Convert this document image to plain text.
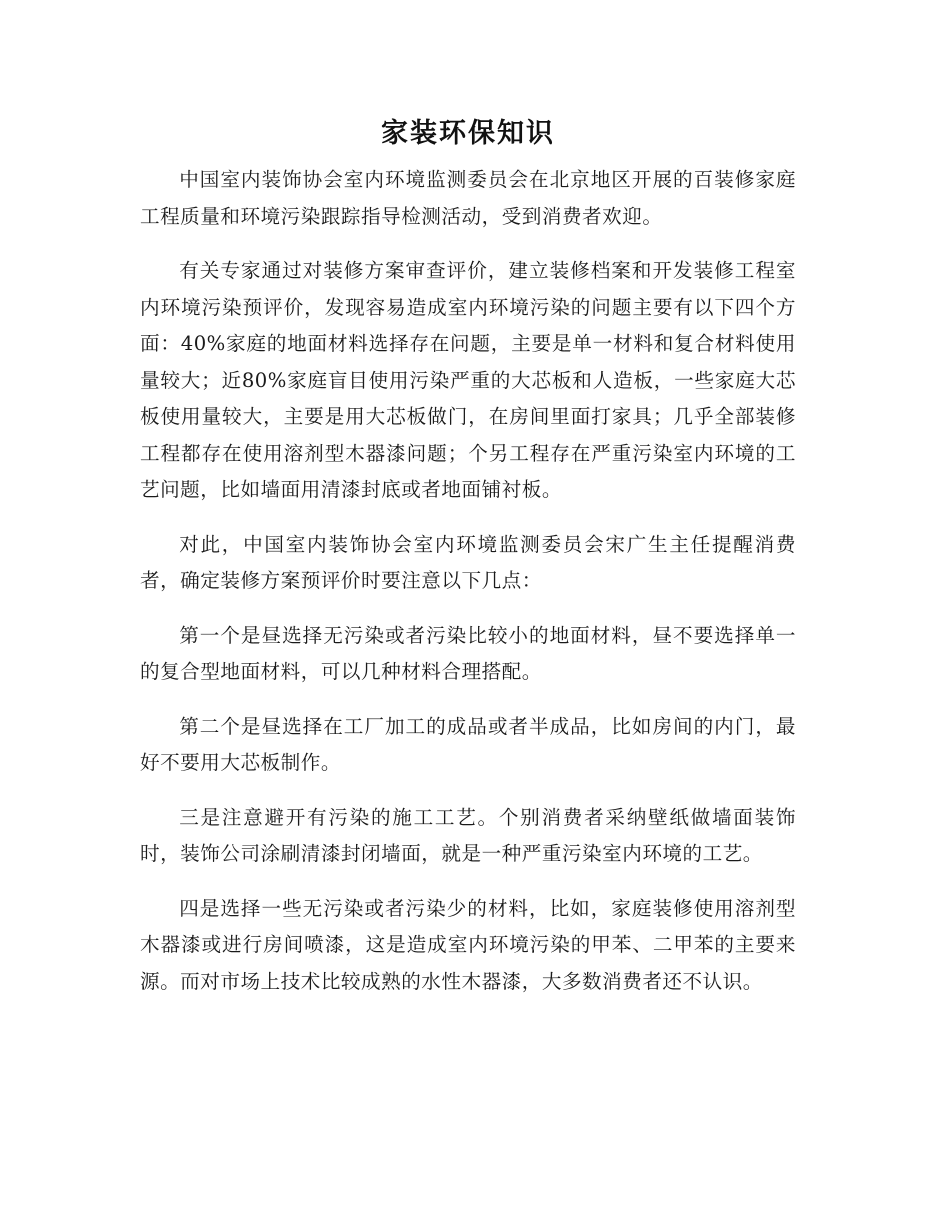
家装环保知识

中国室内装饰协会室内环境监测委员会在北京地区开展的百装修家庭工程质量和环境污染跟踪指导检测活动，受到消费者欢迎。

有关专家通过对装修方案审查评价，建立装修档案和开发装修工程室内环境污染预评价，发现容易造成室内环境污染的问题主要有以下四个方面：40%家庭的地面材料选择存在问题，主要是单一材料和复合材料使用量较大；近80%家庭盲目使用污染严重的大芯板和人造板，一些家庭大芯板使用量较大，主要是用大芯板做门，在房间里面打家具；几乎全部装修工程都存在使用溶剂型木器漆问题；个另工程存在严重污染室内环境的工艺问题，比如墙面用清漆封底或者地面铺衬板。

对此，中国室内装饰协会室内环境监测委员会宋广生主任提醒消费者，确定装修方案预评价时要注意以下几点：

第一个是昼选择无污染或者污染比较小的地面材料，昼不要选择单一的复合型地面材料，可以几种材料合理搭配。

第二个是昼选择在工厂加工的成品或者半成品，比如房间的内门，最好不要用大芯板制作。

三是注意避开有污染的施工工艺。个别消费者采纳壁纸做墙面装饰时，装饰公司涂刷清漆封闭墙面，就是一种严重污染室内环境的工艺。

四是选择一些无污染或者污染少的材料，比如，家庭装修使用溶剂型木器漆或进行房间喷漆，这是造成室内环境污染的甲苯、二甲苯的主要来源。而对市场上技术比较成熟的水性木器漆，大多数消费者还不认识。
